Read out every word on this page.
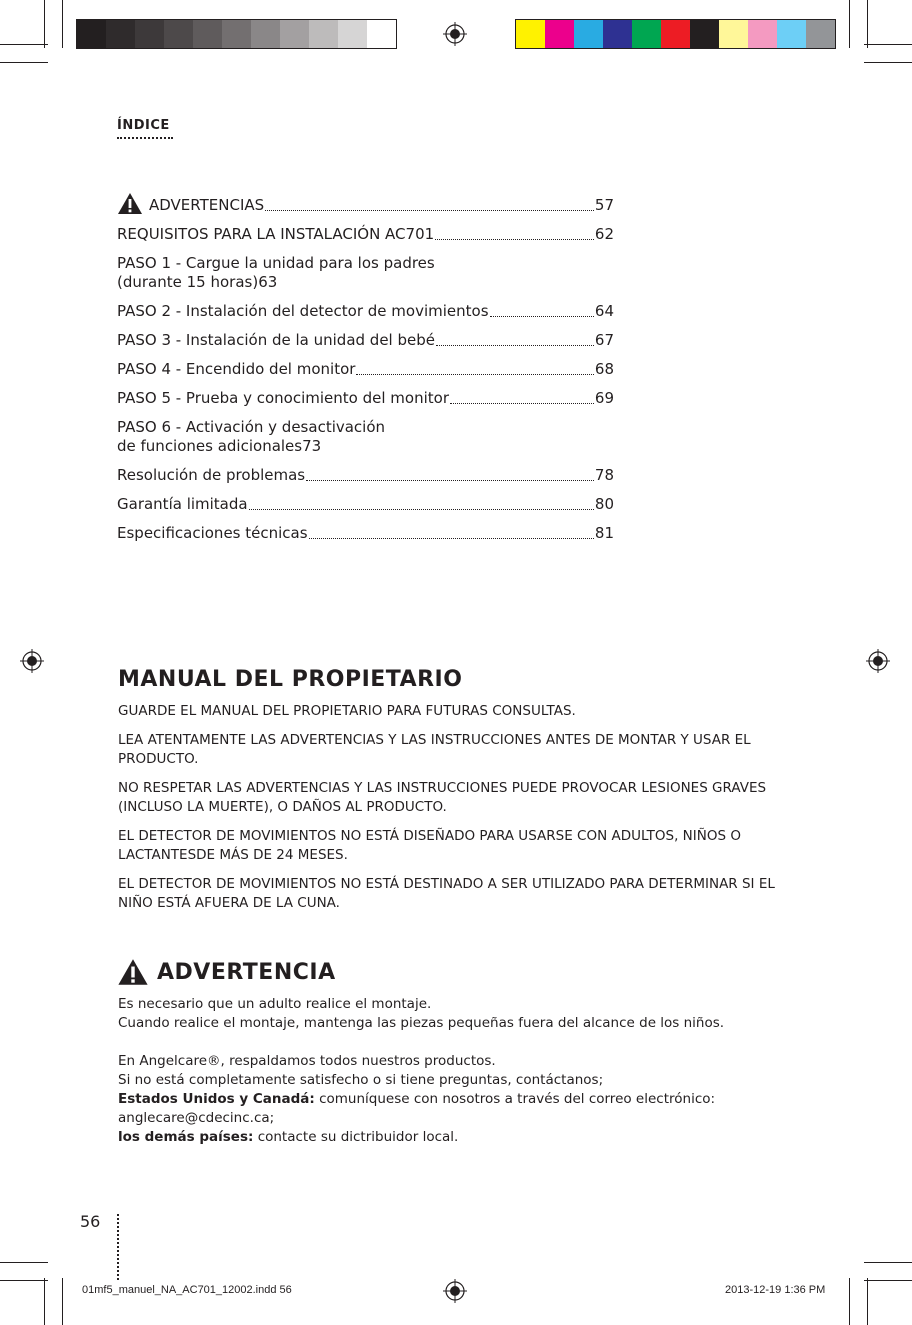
ÍNDICE
ADVERTENCIAS	57
REQUISITOS PARA LA INSTALACIÓN AC701	62
PASO 1 - Cargue la unidad para los padres
(durante 15 horas) 63
PASO 2 - Instalación del detector de movimientos	64
PASO 3 - Instalación de la unidad del bebé	67
PASO 4 - Encendido del monitor	68
PASO 5 - Prueba y conocimiento del monitor	69
PASO 6 - Activación y desactivación
de funciones adicionales 73
Resolución de problemas	78
Garantía limitada	80
Especificaciones técnicas	81
MANUAL DEL PROPIETARIO

GUARDE EL MANUAL DEL PROPIETARIO PARA FUTURAS CONSULTAS.

LEA ATENTAMENTE LAS ADVERTENCIAS Y LAS INSTRUCCIONES ANTES DE MONTAR Y USAR EL PRODUCTO.

NO RESPETAR LAS ADVERTENCIAS Y LAS INSTRUCCIONES PUEDE PROVOCAR LESIONES GRAVES (INCLUSO LA MUERTE), O DAÑOS AL PRODUCTO.

EL DETECTOR DE MOVIMIENTOS NO ESTÁ DISEÑADO PARA USARSE CON ADULTOS, NIÑOS O LACTANTESDE MÁS DE 24 MESES.

EL DETECTOR DE MOVIMIENTOS NO ESTÁ DESTINADO A SER UTILIZADO PARA DETERMINAR SI EL NIÑO ESTÁ AFUERA DE LA CUNA.

ADVERTENCIA
Es necesario que un adulto realice el montaje.
Cuando realice el montaje, mantenga las piezas pequeñas fuera del alcance de los niños.
En Angelcare®, respaldamos todos nuestros productos.
Si no está completamente satisfecho o si tiene preguntas, contáctanos;
Estados Unidos y Canadá: comuníquese con nosotros a través del correo electrónico:
anglecare@cdecinc.ca;
los demás países: contacte su dictribuidor local.
56
01mf5_manuel_NA_AC701_12002.indd 56	2013-12-19 1:36 PM
